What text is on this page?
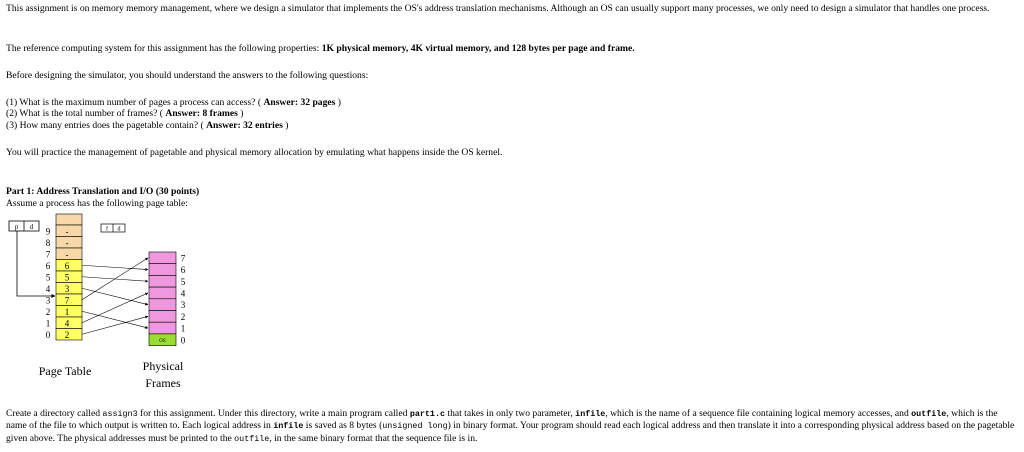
This assignment is on memory memory management, where we design a simulator that implements the OS's address translation mechanisms. Although an OS can usually support many processes, we only need to design a simulator that handles one process.

The reference computing system for this assignment has the following properties: 1K physical memory, 4K virtual memory, and 128 bytes per page and frame.

Before designing the simulator, you should understand the answers to the following questions:

(1) What is the maximum number of pages a process can access? ( Answer: 32 pages )

(2) What is the total number of frames? ( Answer: 8 frames )

(3) How many entries does the pagetable contain? ( Answer: 32 entries )

You will practice the management of pagetable and physical memory allocation by emulating what happens inside the OS kernel.

Part 1: Address Translation and I/O (30 points)

Assume a process has the following page table:

p d	f d
9 -
8 -
7 -
6 6
5 5
4 3
3 7
2 1
1 4
0 2
7
6
5
4
3
2
1
0
OS
Page Table	Physical
Frames

Create a directory called assign3 for this assignment. Under this directory, write a main program called part1.c that takes in only two parameter, infile, which is the name of a sequence file containing logical memory accesses, and outfile, which is the name of the file to which output is written to. Each logical address in infile is saved as 8 bytes (unsigned long) in binary format. Your program should read each logical address and then translate it into a corresponding physical address based on the pagetable given above. The physical addresses must be printed to the outfile, in the same binary format that the sequence file is in.
